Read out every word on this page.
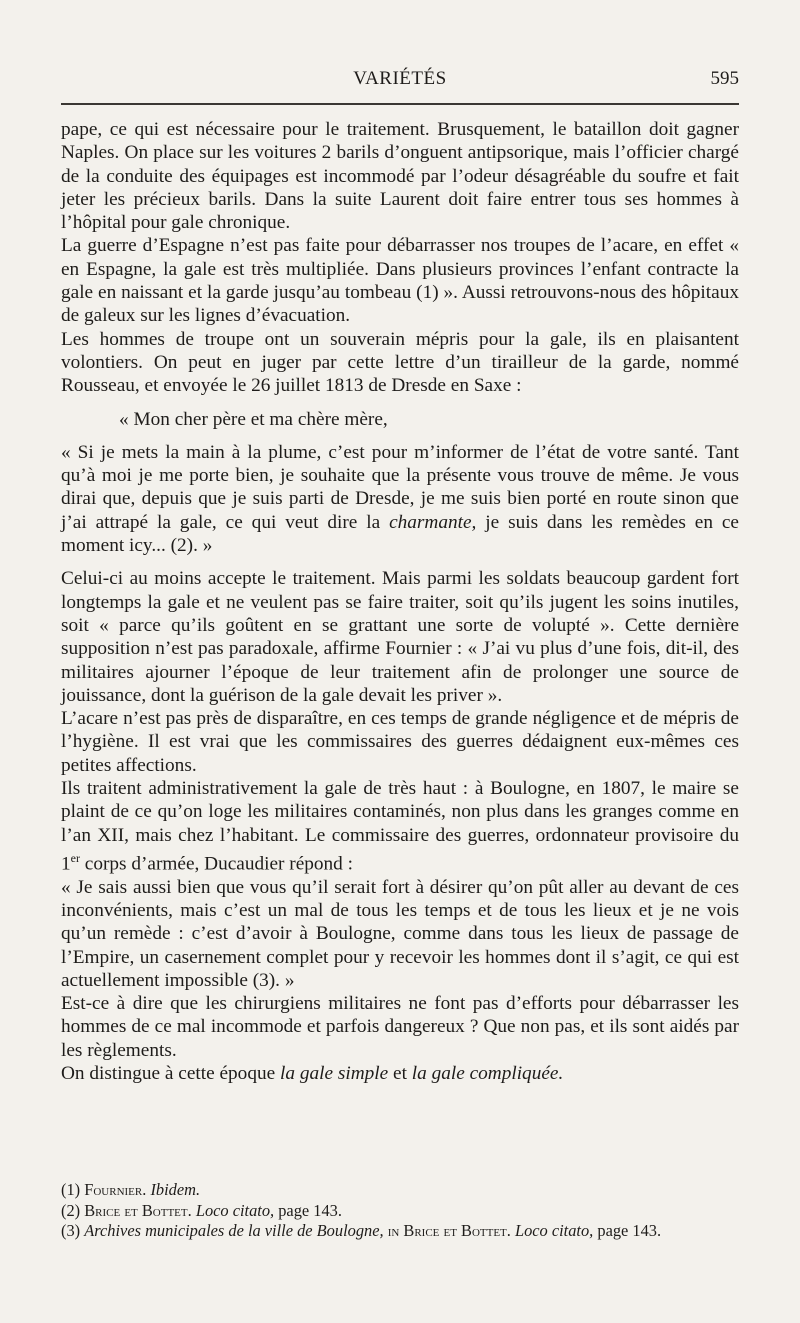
VARIÉTÉS	595

pape, ce qui est nécessaire pour le traitement. Brusquement, le bataillon doit gagner Naples. On place sur les voitures 2 barils d’onguent antipsorique, mais l’officier chargé de la conduite des équipages est incommodé par l’odeur désagréable du soufre et fait jeter les précieux barils. Dans la suite Laurent doit faire entrer tous ses hommes à l’hôpital pour gale chronique.

La guerre d’Espagne n’est pas faite pour débarrasser nos troupes de l’acare, en effet « en Espagne, la gale est très multipliée. Dans plusieurs provinces l’enfant contracte la gale en naissant et la garde jusqu’au tombeau (1) ». Aussi retrouvons-nous des hôpitaux de galeux sur les lignes d’évacuation.

Les hommes de troupe ont un souverain mépris pour la gale, ils en plaisantent volontiers. On peut en juger par cette lettre d’un tirailleur de la garde, nommé Rousseau, et envoyée le 26 juillet 1813 de Dresde en Saxe :

« Mon cher père et ma chère mère,

« Si je mets la main à la plume, c’est pour m’informer de l’état de votre santé. Tant qu’à moi je me porte bien, je souhaite que la présente vous trouve de même. Je vous dirai que, depuis que je suis parti de Dresde, je me suis bien porté en route sinon que j’ai attrapé la gale, ce qui veut dire la charmante, je suis dans les remèdes en ce moment icy... (2). »

Celui-ci au moins accepte le traitement. Mais parmi les soldats beaucoup gardent fort longtemps la gale et ne veulent pas se faire traiter, soit qu’ils jugent les soins inutiles, soit « parce qu’ils goûtent en se grattant une sorte de volupté ». Cette dernière supposition n’est pas paradoxale, affirme Fournier : « J’ai vu plus d’une fois, dit-il, des militaires ajourner l’époque de leur traitement afin de prolonger une source de jouissance, dont la guérison de la gale devait les priver ».

L’acare n’est pas près de disparaître, en ces temps de grande négligence et de mépris de l’hygiène. Il est vrai que les commissaires des guerres dédaignent eux-mêmes ces petites affections.

Ils traitent administrativement la gale de très haut : à Boulogne, en 1807, le maire se plaint de ce qu’on loge les militaires contaminés, non plus dans les granges comme en l’an XII, mais chez l’habitant. Le commissaire des guerres, ordonnateur provisoire du 1er corps d’armée, Ducaudier répond :

« Je sais aussi bien que vous qu’il serait fort à désirer qu’on pût aller au devant de ces inconvénients, mais c’est un mal de tous les temps et de tous les lieux et je ne vois qu’un remède : c’est d’avoir à Boulogne, comme dans tous les lieux de passage de l’Empire, un casernement complet pour y recevoir les hommes dont il s’agit, ce qui est actuellement impossible (3). »

Est-ce à dire que les chirurgiens militaires ne font pas d’efforts pour débarrasser les hommes de ce mal incommode et parfois dangereux ? Que non pas, et ils sont aidés par les règlements.

On distingue à cette époque la gale simple et la gale compliquée.

(1) Fournier. Ibidem.

(2) Brice et Bottet. Loco citato, page 143.

(3) Archives municipales de la ville de Boulogne, in Brice et Bottet. Loco citato, page 143.
